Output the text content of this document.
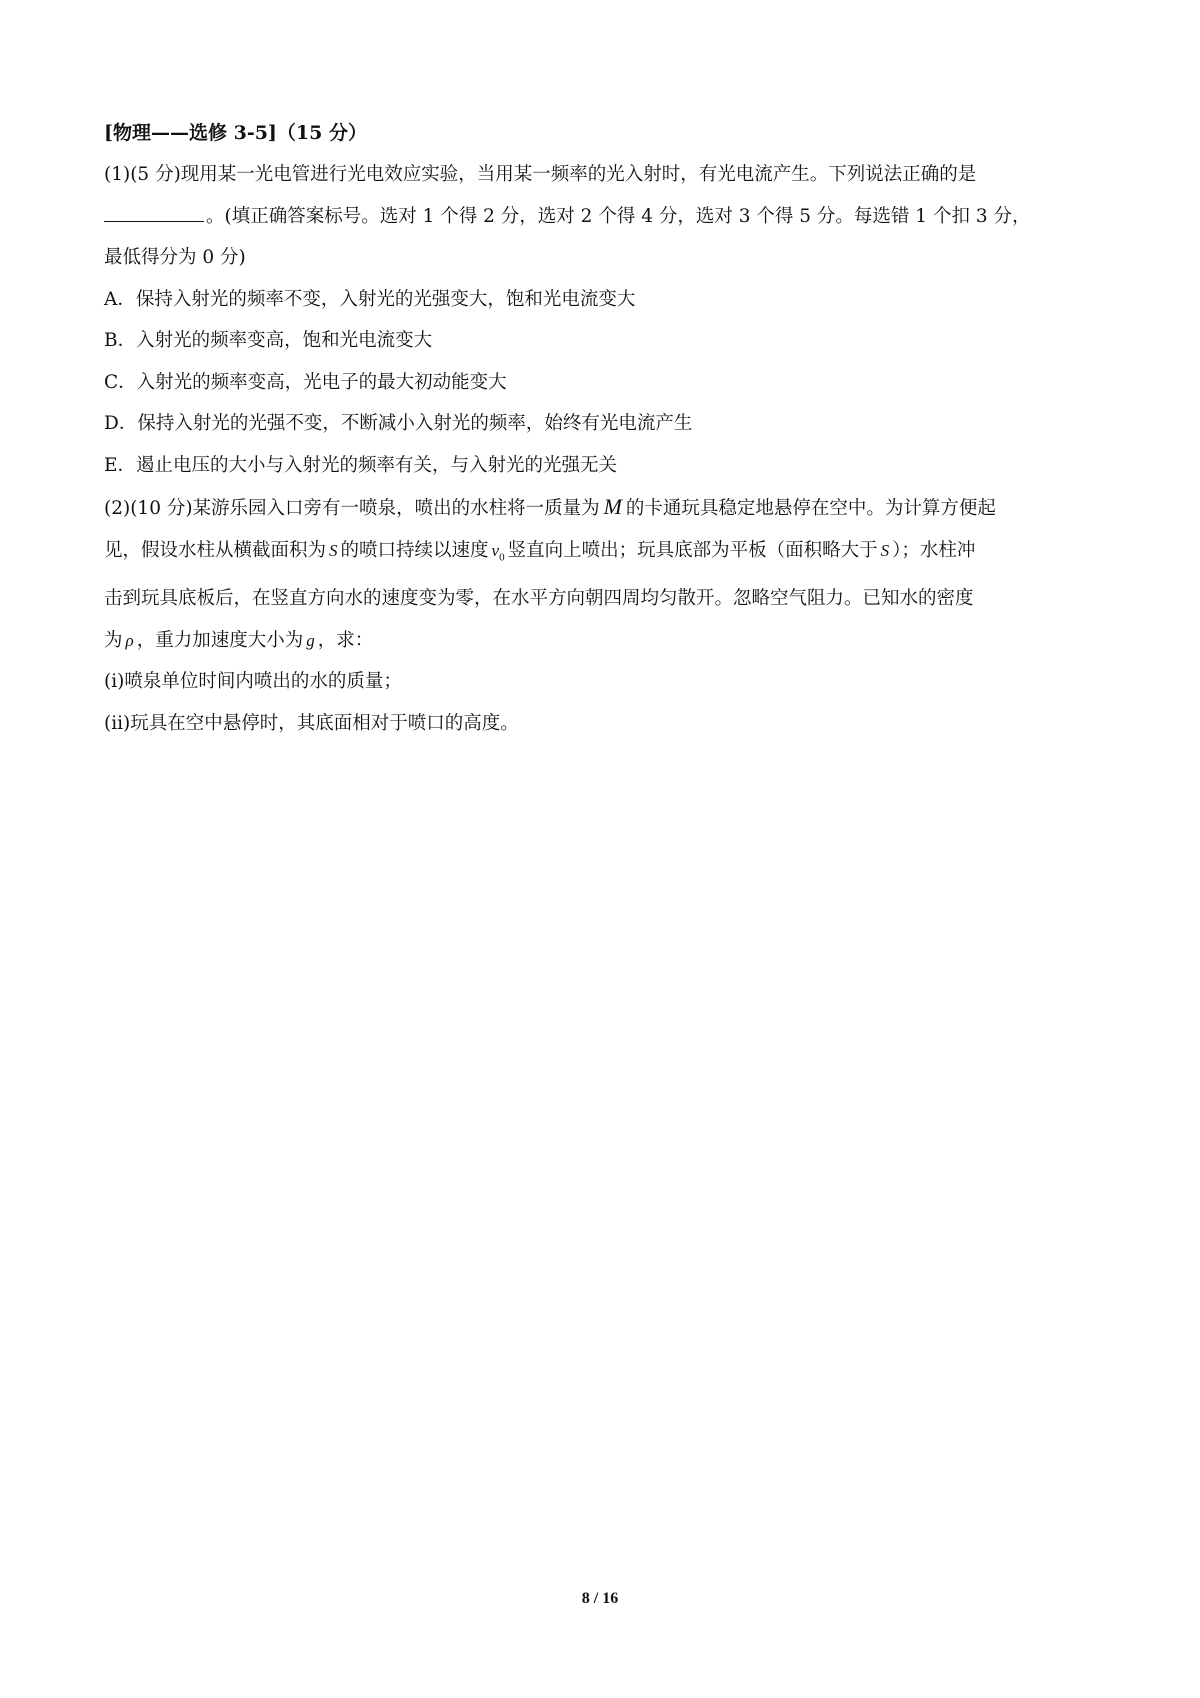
[物理——选修 3-5]（15 分）
(1)(5 分)现用某一光电管进行光电效应实验，当用某一频率的光入射时，有光电流产生。下列说法正确的是
。(填正确答案标号。选对 1 个得 2 分，选对 2 个得 4 分，选对 3 个得 5 分。每选错 1 个扣 3 分，
最低得分为 0 分)
A．保持入射光的频率不变，入射光的光强变大，饱和光电流变大
B．入射光的频率变高，饱和光电流变大
C．入射光的频率变高，光电子的最大初动能变大
D．保持入射光的光强不变，不断减小入射光的频率，始终有光电流产生
E．遏止电压的大小与入射光的频率有关，与入射光的光强无关
(2)(10 分)某游乐园入口旁有一喷泉，喷出的水柱将一质量为 M 的卡通玩具稳定地悬停在空中。为计算方便起
见，假设水柱从横截面积为 S 的喷口持续以速度 $v_0$ 竖直向上喷出；玩具底部为平板（面积略大于 S ）；水柱冲
击到玩具底板后，在竖直方向水的速度变为零，在水平方向朝四周均匀散开。忽略空气阻力。已知水的密度
为 ρ ，重力加速度大小为 g ，求：
(i)喷泉单位时间内喷出的水的质量；
(ii)玩具在空中悬停时，其底面相对于喷口的高度。
8 / 16
